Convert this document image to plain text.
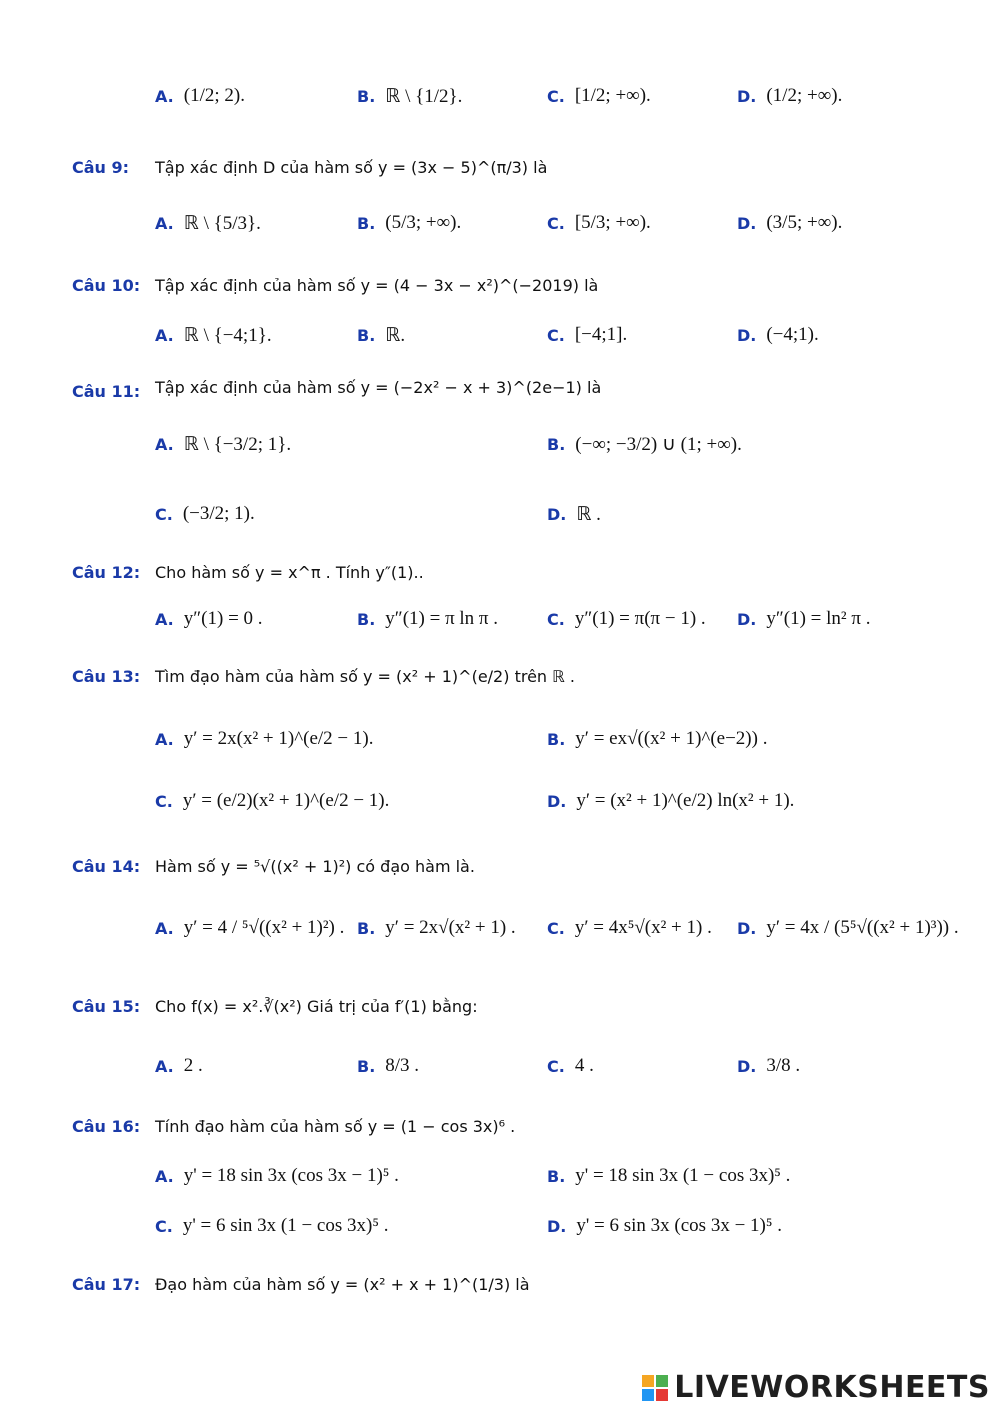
A. (1/2; 2).	B. ℝ \ {1/2}.	C. [1/2; +∞).	D. (1/2; +∞).
Câu 9: Tập xác định D của hàm số y = (3x − 5)^(π/3) là
A. ℝ \ {5/3}.	B. (5/3; +∞).	C. [5/3; +∞).	D. (3/5; +∞).
Câu 10: Tập xác định của hàm số y = (4 − 3x − x²)^(−2019) là
A. ℝ \ {−4;1}.	B. ℝ.	C. [−4;1].	D. (−4;1).
Câu 11: Tập xác định của hàm số y = (−2x² − x + 3)^(2e−1) là
A. ℝ \ {−3/2; 1}.	B. (−∞; −3/2) ∪ (1; +∞).
C. (−3/2; 1).	D. ℝ .
Câu 12: Cho hàm số y = x^π . Tính y″(1)..
A. y″(1) = 0 .	B. y″(1) = π ln π .	C. y″(1) = π(π − 1) . D. y″(1) = ln² π .
Câu 13: Tìm đạo hàm của hàm số y = (x² + 1)^(e/2) trên ℝ .
A. y′ = 2x(x² + 1)^(e/2 − 1).	B. y′ = ex√((x² + 1)^(e−2)) .
C. y′ = (e/2)(x² + 1)^(e/2 − 1).	D. y′ = (x² + 1)^(e/2) ln(x² + 1).
Câu 14: Hàm số y = ⁵√((x² + 1)²) có đạo hàm là.
A. y′ = 4 / ⁵√((x² + 1)²) . B. y′ = 2x√(x² + 1) . C. y′ = 4x⁵√(x² + 1) . D. y′ = 4x / (5⁵√((x² + 1)³)) .
Câu 15: Cho f(x) = x².∛(x²) Giá trị của f′(1) bằng:
A. 2 .	B. 8/3 .	C. 4 .	D. 3/8 .
Câu 16: Tính đạo hàm của hàm số y = (1 − cos 3x)⁶ .
A. y' = 18 sin 3x (cos 3x − 1)⁵ .	B. y' = 18 sin 3x (1 − cos 3x)⁵ .
C. y' = 6 sin 3x (1 − cos 3x)⁵ .	D. y' = 6 sin 3x (cos 3x − 1)⁵ .
Câu 17: Đạo hàm của hàm số y = (x² + x + 1)^(1/3) là
LIVEWORKSHEETS
